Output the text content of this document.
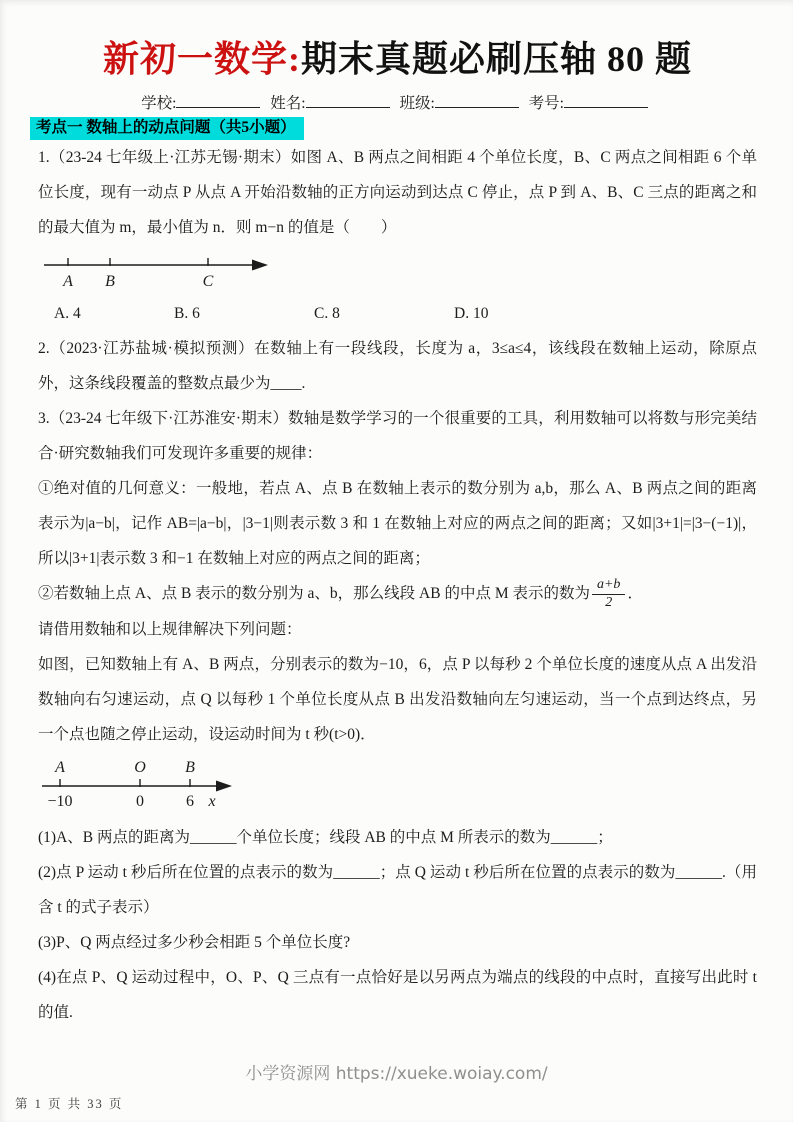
新初一数学:期末真题必刷压轴 80 题
学校:	姓名:	班级:	考号:
考点一 数轴上的动点问题（共5小题）

1.（23-24 七年级上·江苏无锡·期末）如图 A、B 两点之间相距 4 个单位长度，B、C 两点之间相距 6 个单位长度，现有一动点 P 从点 A 开始沿数轴的正方向运动到达点 C 停止，点 P 到 A、B、C 三点的距离之和的最大值为 m，最小值为 n．则 m−n 的值是（　　）

A B	C
A. 4	B. 6	C. 8	D. 10

2.（2023·江苏盐城·模拟预测）在数轴上有一段线段，长度为 a，3≤a≤4，该线段在数轴上运动，除原点外，这条线段覆盖的整数点最少为____.

3.（23-24 七年级下·江苏淮安·期末）数轴是数学学习的一个很重要的工具，利用数轴可以将数与形完美结合·研究数轴我们可发现许多重要的规律：

①绝对值的几何意义：一般地，若点 A、点 B 在数轴上表示的数分别为 a,b，那么 A、B 两点之间的距离表示为|a−b|，记作 AB=|a−b|，|3−1|则表示数 3 和 1 在数轴上对应的两点之间的距离；又如|3+1|=|3−(−1)|，所以|3+1|表示数 3 和−1 在数轴上对应的两点之间的距离；

②若数轴上点 A、点 B 表示的数分别为 a、b，那么线段 AB 的中点 M 表示的数为 $\frac{a+b}{2}$ ．

请借用数轴和以上规律解决下列问题：

如图，已知数轴上有 A、B 两点，分别表示的数为−10，6，点 P 以每秒 2 个单位长度的速度从点 A 出发沿数轴向右匀速运动，点 Q 以每秒 1 个单位长度从点 B 出发沿数轴向左匀速运动，当一个点到达终点，另一个点也随之停止运动，设运动时间为 t 秒(t>0)．

A	O B
−10	0	6 x

(1)A、B 两点的距离为______个单位长度；线段 AB 的中点 M 所表示的数为______；

(2)点 P 运动 t 秒后所在位置的点表示的数为______；点 Q 运动 t 秒后所在位置的点表示的数为______.（用含 t 的式子表示）

(3)P、Q 两点经过多少秒会相距 5 个单位长度?

(4)在点 P、Q 运动过程中，O、P、Q 三点有一点恰好是以另两点为端点的线段的中点时，直接写出此时 t 的值.

小学资源网 https://xueke.woiay.com/
第 1 页 共 33 页
